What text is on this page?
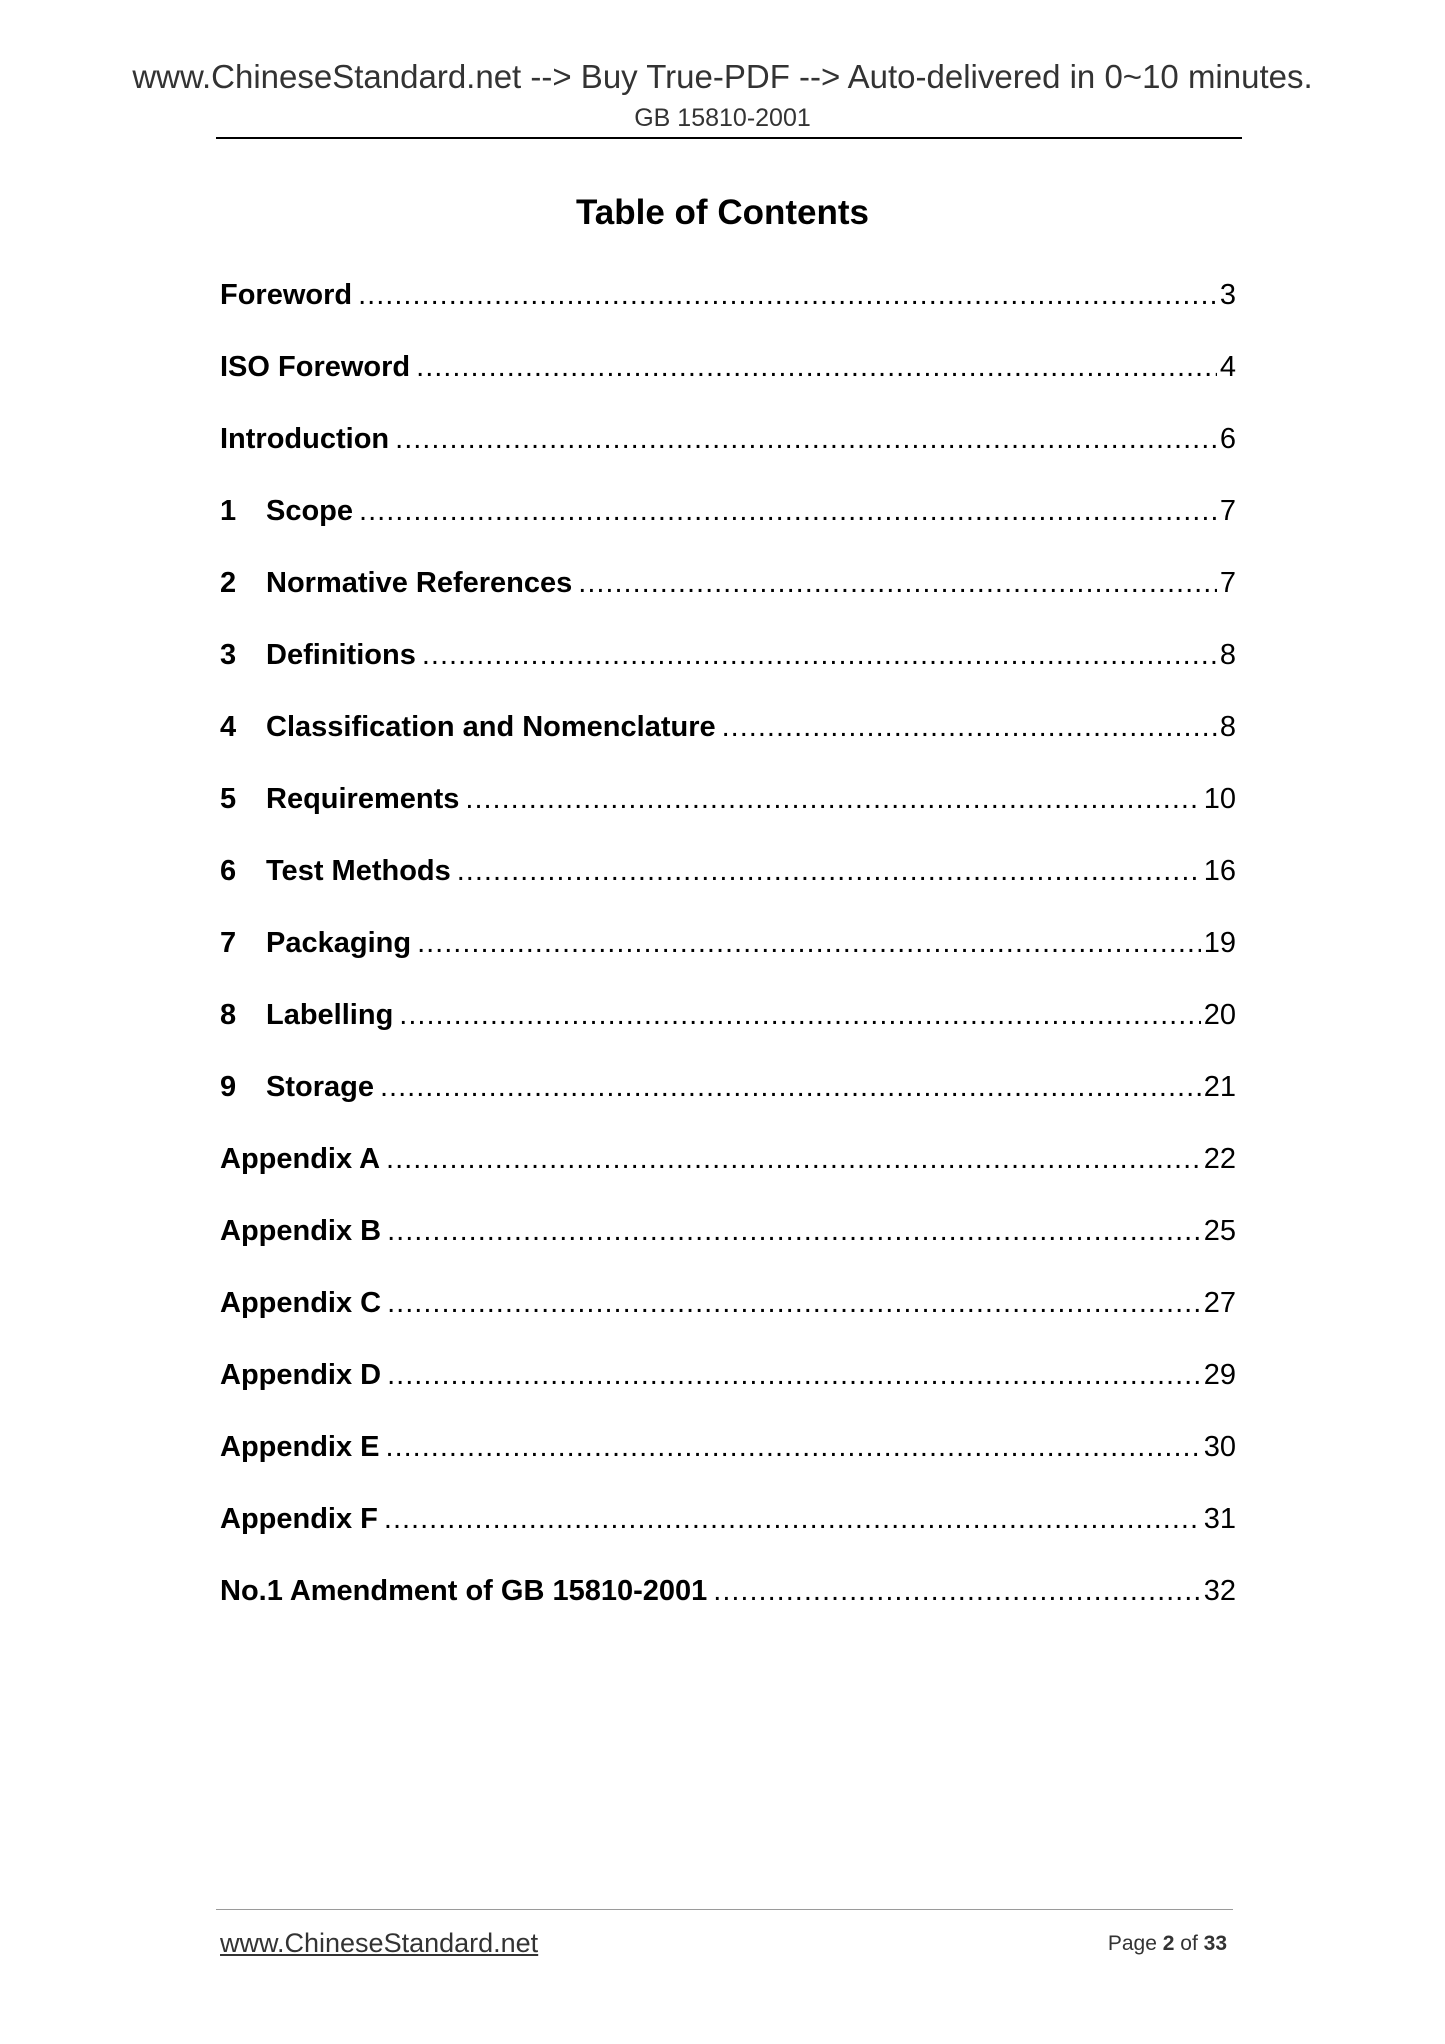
www.ChineseStandard.net --> Buy True-PDF --> Auto-delivered in 0~10 minutes.
GB 15810-2001
Table of Contents
Foreword .....	3
ISO Foreword .....	4
Introduction .....	6
1	Scope .....	7
2	Normative References .....	7
3	Definitions .....	8
4	Classification and Nomenclature .....	8
5	Requirements .....	10
6	Test Methods .....	16
7	Packaging .....	19
8	Labelling .....	20
9	Storage .....	21
Appendix A .....	22
Appendix B .....	25
Appendix C .....	27
Appendix D .....	29
Appendix E .....	30
Appendix F .....	31
No.1 Amendment of GB 15810-2001 .....	32
www.ChineseStandard.net	Page 2 of 33
